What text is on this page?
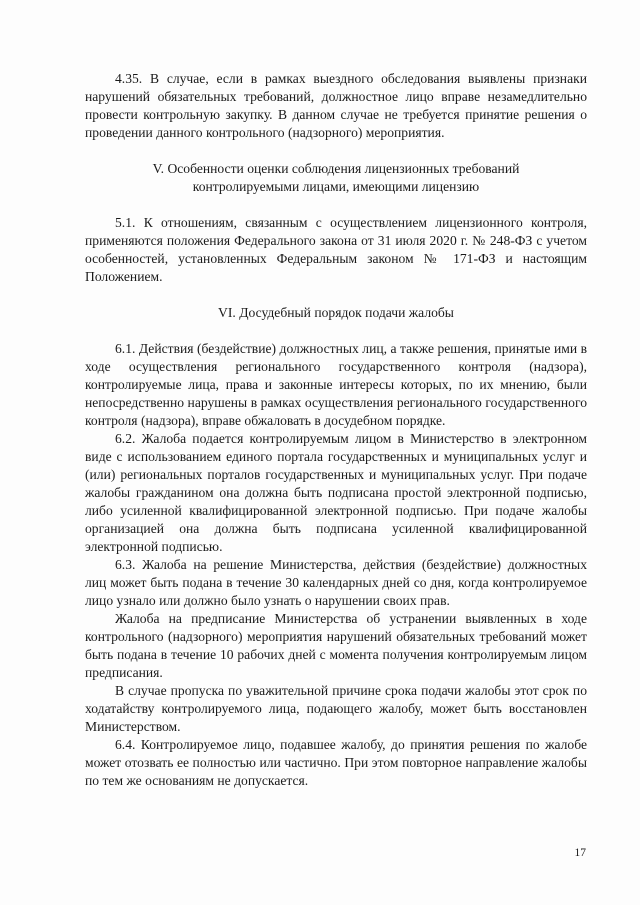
4.35. В случае, если в рамках выездного обследования выявлены признаки нарушений обязательных требований, должностное лицо вправе незамедлительно провести контрольную закупку. В данном случае не требуется принятие решения о проведении данного контрольного (надзорного) мероприятия.

V. Особенности оценки соблюдения лицензионных требований

контролируемыми лицами, имеющими лицензию

5.1. К отношениям, связанным с осуществлением лицензионного контроля, применяются положения Федерального закона от 31 июля 2020 г. № 248-ФЗ с учетом особенностей, установленных Федеральным законом № 171-ФЗ и настоящим Положением.

VI. Досудебный порядок подачи жалобы

6.1. Действия (бездействие) должностных лиц, а также решения, принятые ими в ходе осуществления регионального государственного контроля (надзора), контролируемые лица, права и законные интересы которых, по их мнению, были непосредственно нарушены в рамках осуществления регионального государственного контроля (надзора), вправе обжаловать в досудебном порядке.

6.2. Жалоба подается контролируемым лицом в Министерство в электронном виде с использованием единого портала государственных и муниципальных услуг и (или) региональных порталов государственных и муниципальных услуг. При подаче жалобы гражданином она должна быть подписана простой электронной подписью, либо усиленной квалифицированной электронной подписью. При подаче жалобы организацией она должна быть подписана усиленной квалифицированной электронной подписью.

6.3. Жалоба на решение Министерства, действия (бездействие) должностных лиц может быть подана в течение 30 календарных дней со дня, когда контролируемое лицо узнало или должно было узнать о нарушении своих прав.

Жалоба на предписание Министерства об устранении выявленных в ходе контрольного (надзорного) мероприятия нарушений обязательных требований может быть подана в течение 10 рабочих дней с момента получения контролируемым лицом предписания.

В случае пропуска по уважительной причине срока подачи жалобы этот срок по ходатайству контролируемого лица, подающего жалобу, может быть восстановлен Министерством.

6.4. Контролируемое лицо, подавшее жалобу, до принятия решения по жалобе может отозвать ее полностью или частично. При этом повторное направление жалобы по тем же основаниям не допускается.

17
